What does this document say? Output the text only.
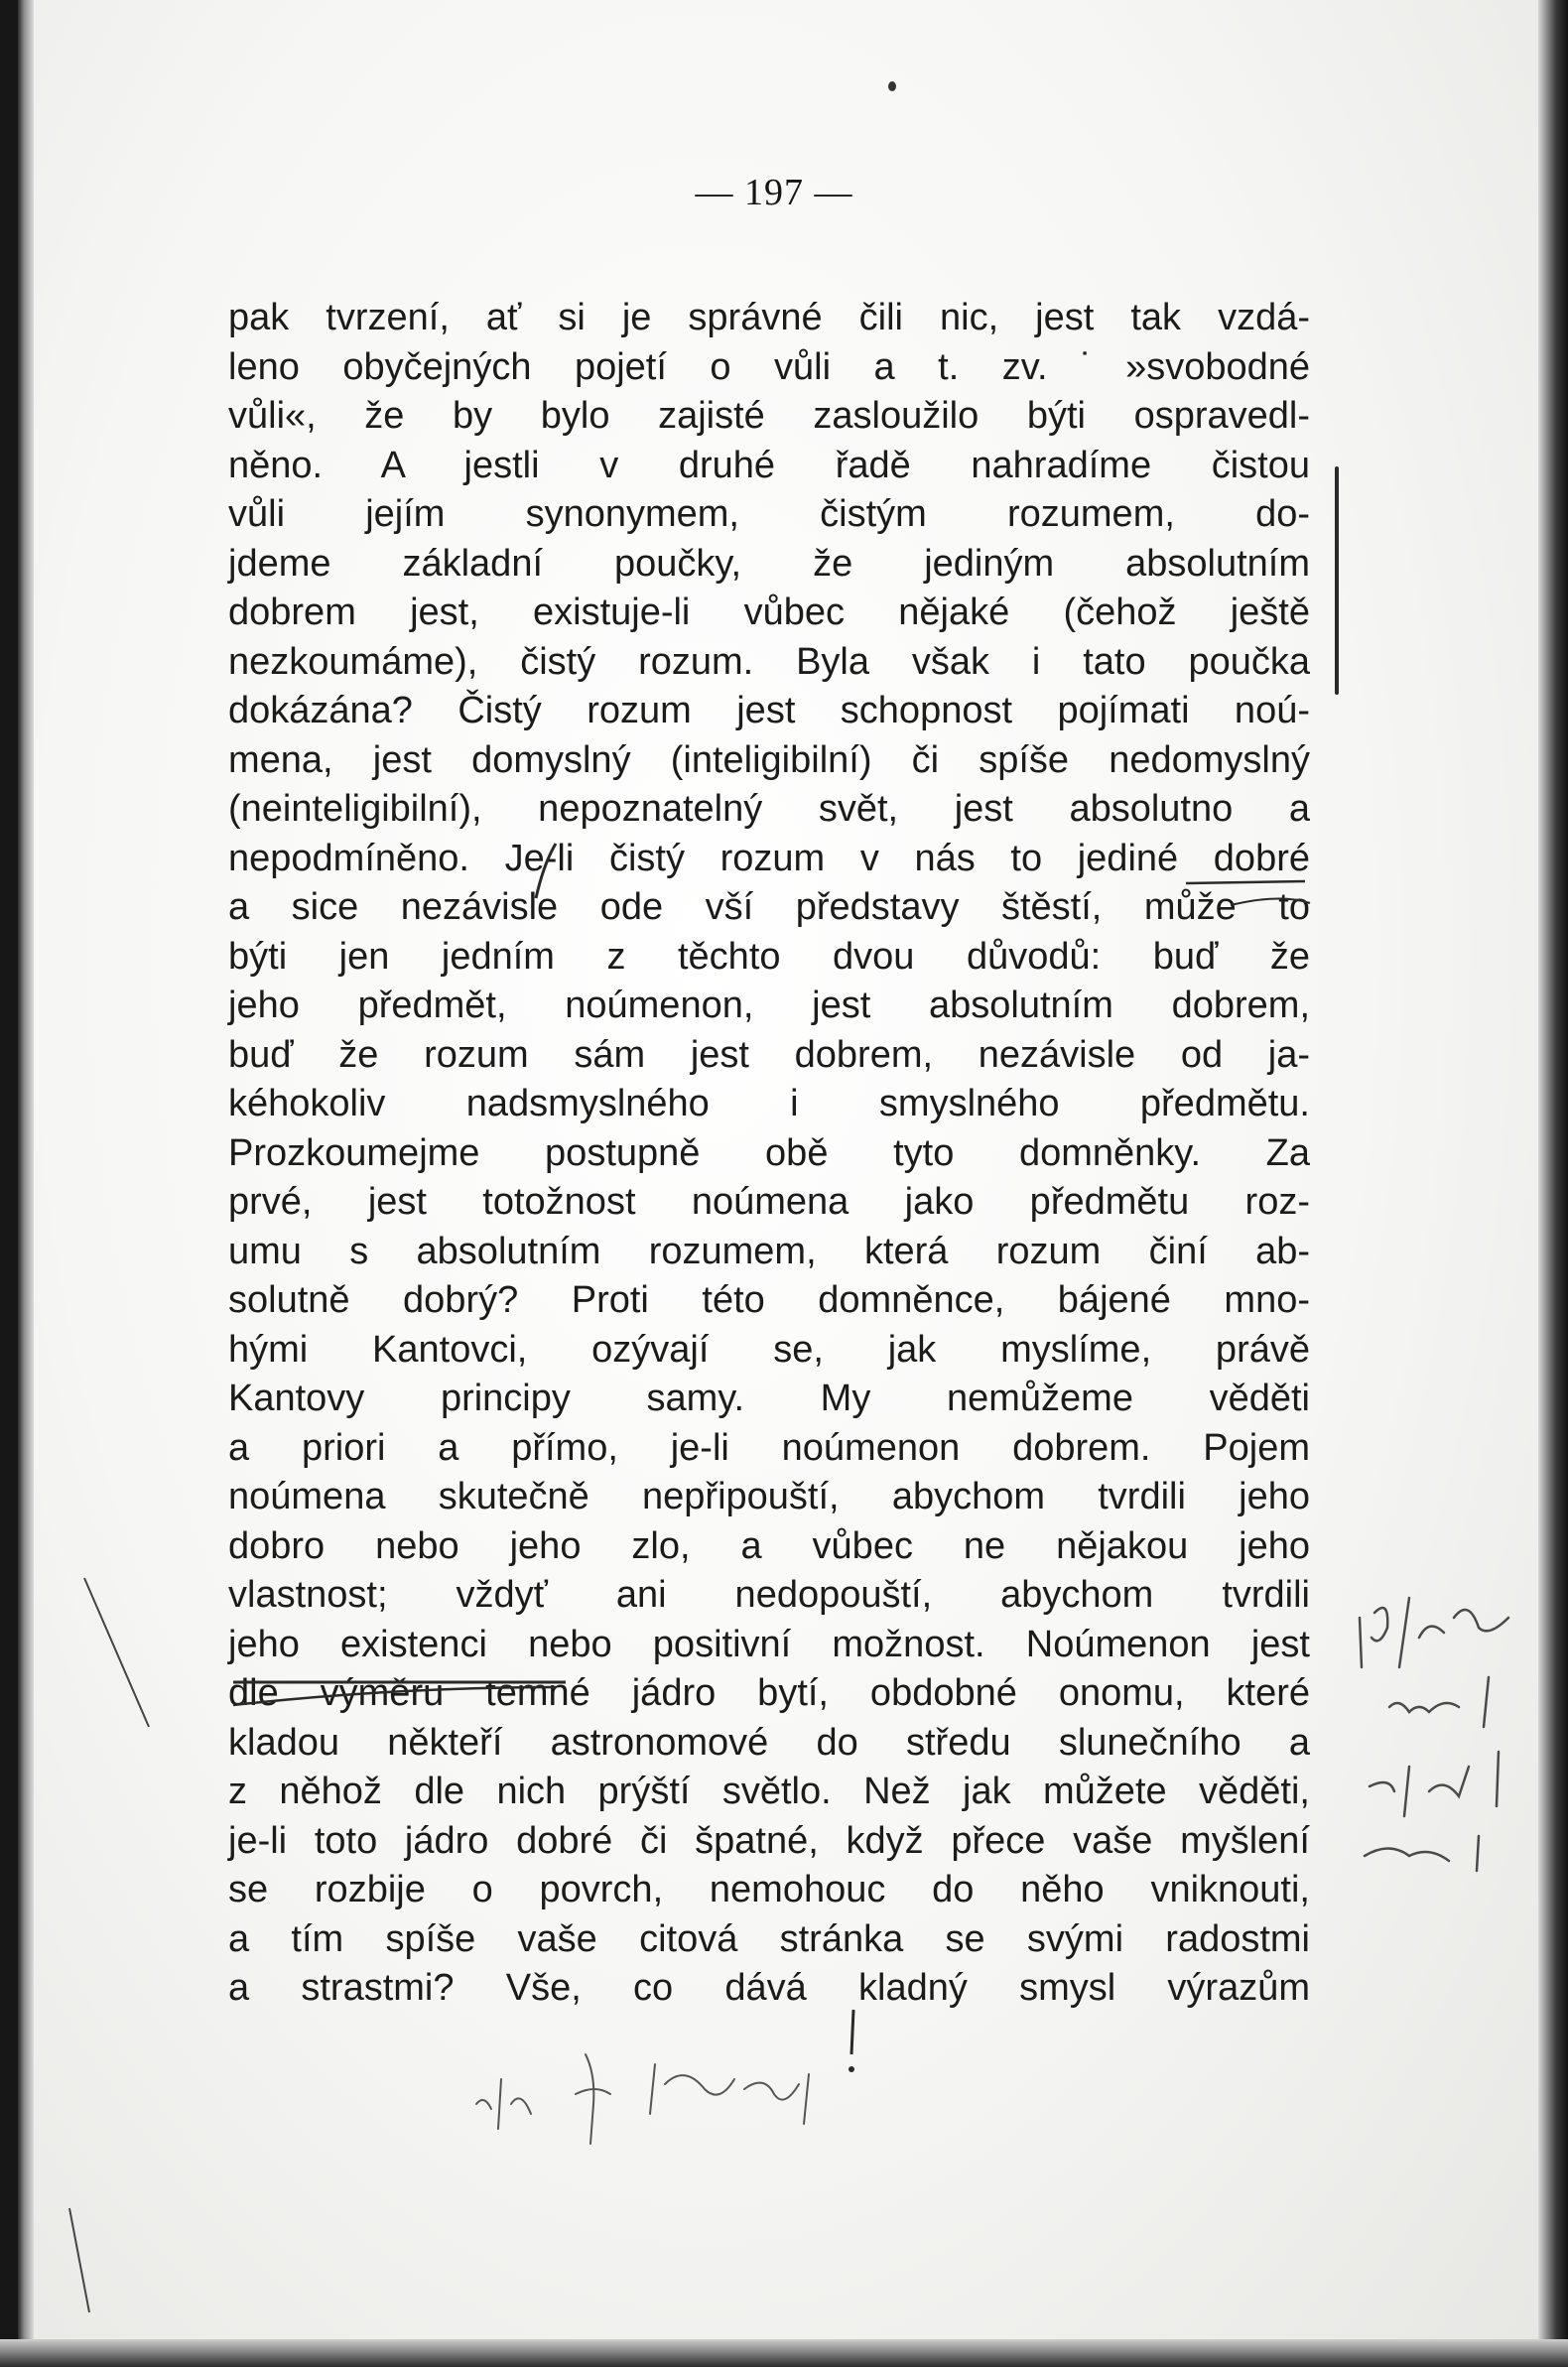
— 197 —
pak tvrzení, ať si je správné čili nic, jest tak vzdá-
leno obyčejných pojetí o vůli a t. zv.˙»svobodné
vůli«, že by bylo zajisté zasloužilo býti ospravedl-
něno. A jestli v druhé řadě nahradíme čistou
vůli jejím synonymem, čistým rozumem, do-
jdeme základní poučky, že jediným absolutním
dobrem jest, existuje-li vůbec nějaké (čehož ještě
nezkoumáme), čistý rozum. Byla však i tato poučka
dokázána? Čistý rozum jest schopnost pojímati noú-
mena, jest domyslný (inteligibilní) či spíše nedomyslný
(neinteligibilní), nepoznatelný svět, jest absolutno a
nepodmíněno. Je-li čistý rozum v nás to jediné dobré
a sice nezávisle ode vší představy štěstí, může to
býti jen jedním z těchto dvou důvodů: buď že
jeho předmět, noúmenon, jest absolutním dobrem,
buď že rozum sám jest dobrem, nezávisle od ja-
kéhokoliv nadsmyslného i smyslného předmětu.
Prozkoumejme postupně obě tyto domněnky. Za
prvé, jest totožnost noúmena jako předmětu roz-
umu s absolutním rozumem, která rozum činí ab-
solutně dobrý? Proti této domněnce, bájené mno-
hými Kantovci, ozývají se, jak myslíme, právě
Kantovy principy samy. My nemůžeme věděti
a priori a přímo, je-li noúmenon dobrem. Pojem
noúmena skutečně nepřipouští, abychom tvrdili jeho
dobro nebo jeho zlo, a vůbec ne nějakou jeho
vlastnost; vždyť ani nedopouští, abychom tvrdili
jeho existenci nebo positivní možnost. Noúmenon jest
dle výměru temné jádro bytí, obdobné onomu, které
kladou někteří astronomové do středu slunečního a
z něhož dle nich prýští světlo. Než jak můžete věděti,
je-li toto jádro dobré či špatné, když přece vaše myšlení
se rozbije o povrch, nemohouc do něho vniknouti,
a tím spíše vaše citová stránka se svými radostmi
a strastmi? Vše, co dává kladný smysl výrazům
